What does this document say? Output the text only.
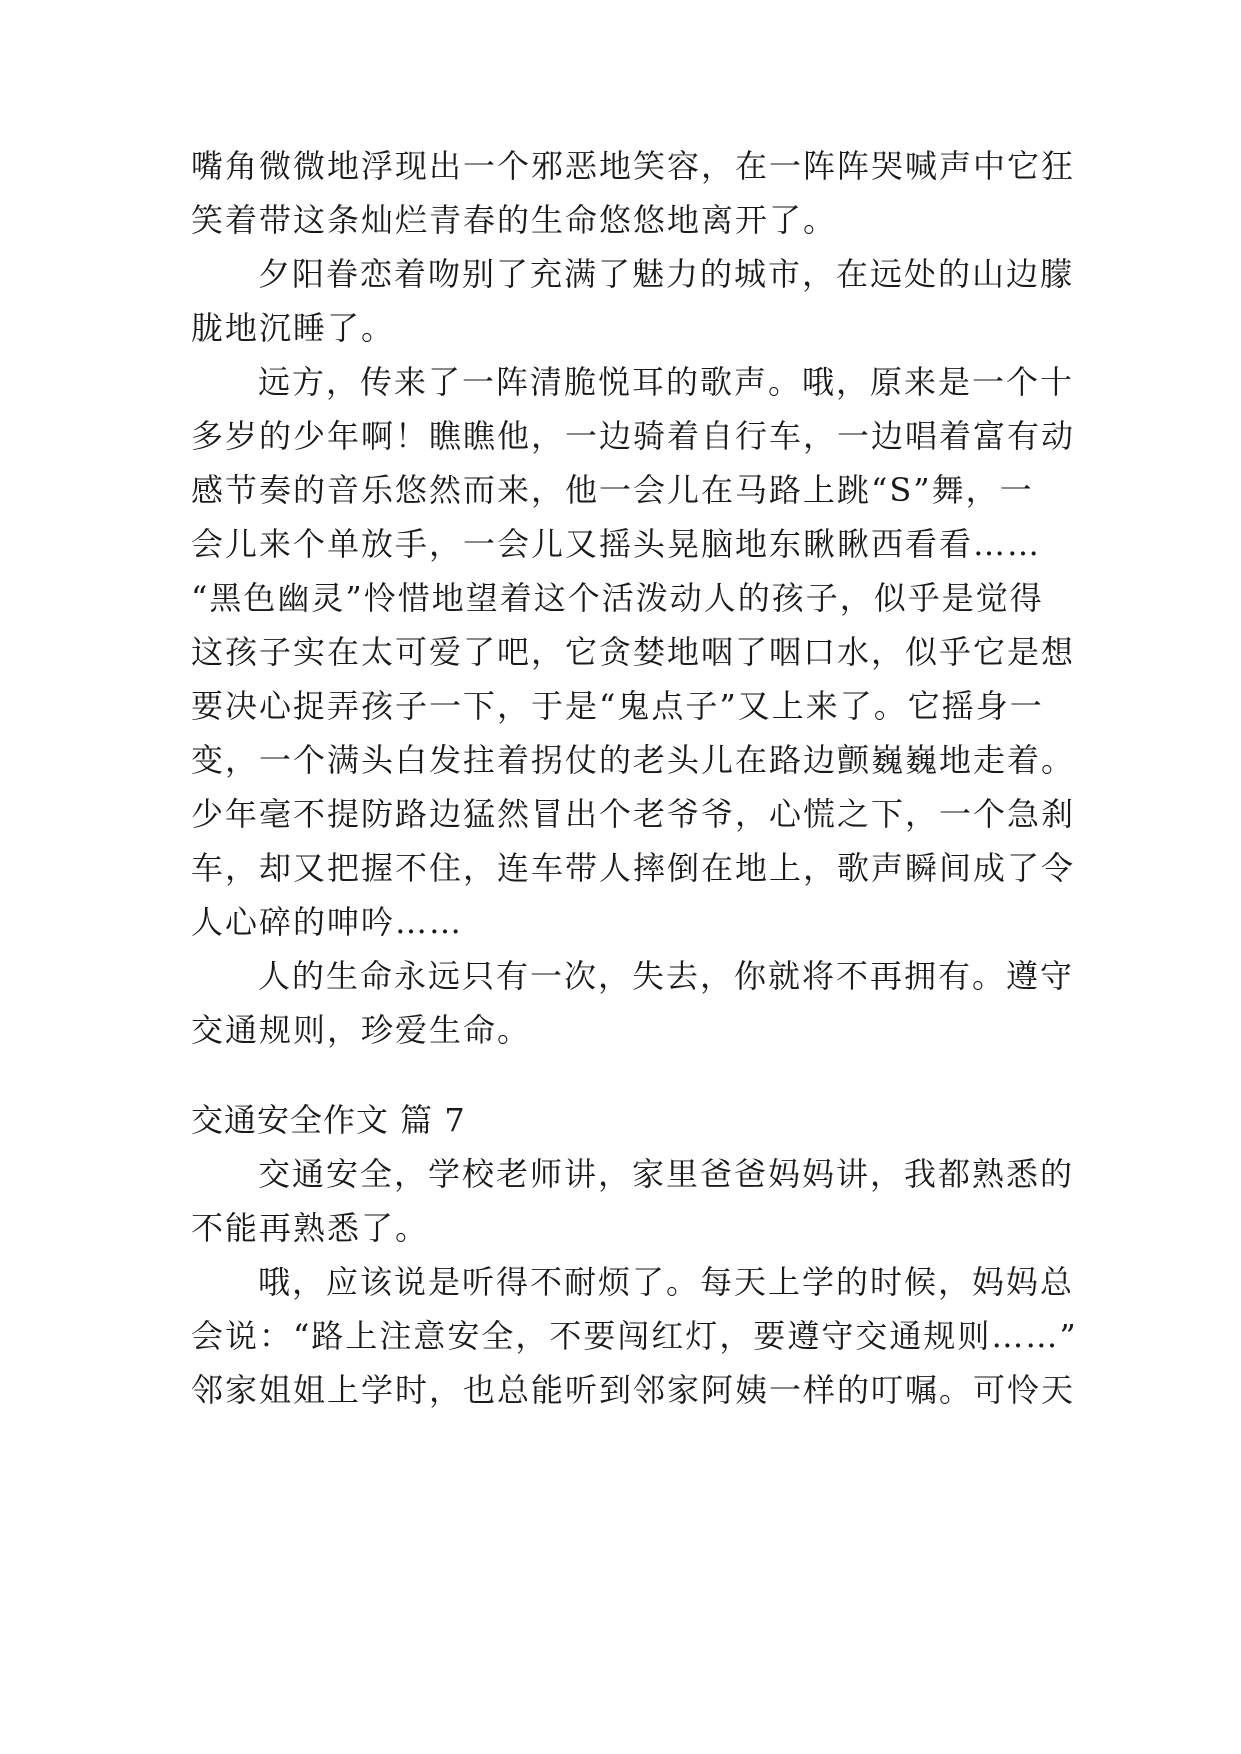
嘴角微微地浮现出一个邪恶地笑容，在一阵阵哭喊声中它狂
笑着带这条灿烂青春的生命悠悠地离开了。
夕阳眷恋着吻别了充满了魅力的城市，在远处的山边朦
胧地沉睡了。
远方，传来了一阵清脆悦耳的歌声。哦，原来是一个十
多岁的少年啊！瞧瞧他，一边骑着自行车，一边唱着富有动
感节奏的音乐悠然而来，他一会儿在马路上跳“S”舞，一
会儿来个单放手，一会儿又摇头晃脑地东瞅瞅西看看……
“黑色幽灵”怜惜地望着这个活泼动人的孩子，似乎是觉得
这孩子实在太可爱了吧，它贪婪地咽了咽口水，似乎它是想
要决心捉弄孩子一下，于是“鬼点子”又上来了。它摇身一
变，一个满头白发拄着拐仗的老头儿在路边颤巍巍地走着。
少年毫不提防路边猛然冒出个老爷爷，心慌之下，一个急刹
车，却又把握不住，连车带人摔倒在地上，歌声瞬间成了令
人心碎的呻吟……
人的生命永远只有一次，失去，你就将不再拥有。遵守
交通规则，珍爱生命。
交通安全作文 篇 7
交通安全，学校老师讲，家里爸爸妈妈讲，我都熟悉的
不能再熟悉了。
哦，应该说是听得不耐烦了。每天上学的时候，妈妈总
会说：“路上注意安全，不要闯红灯，要遵守交通规则……”
邻家姐姐上学时，也总能听到邻家阿姨一样的叮嘱。可怜天
